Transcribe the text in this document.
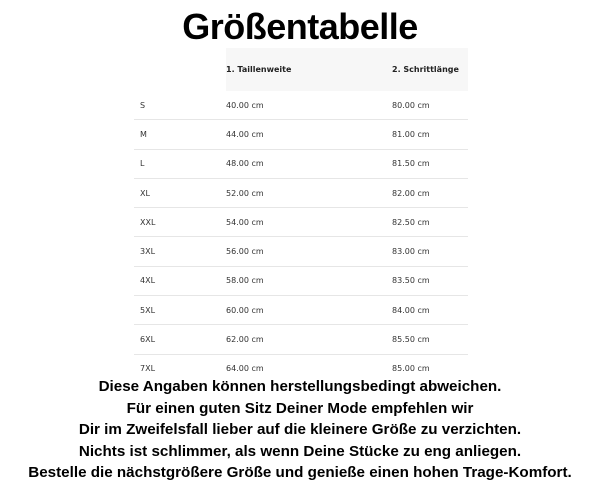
Größentabelle
	1. Taillenweite	2. Schrittlänge
S	40.00 cm	80.00 cm
M	44.00 cm	81.00 cm
L	48.00 cm	81.50 cm
XL	52.00 cm	82.00 cm
XXL	54.00 cm	82.50 cm
3XL	56.00 cm	83.00 cm
4XL	58.00 cm	83.50 cm
5XL	60.00 cm	84.00 cm
6XL	62.00 cm	85.50 cm
7XL	64.00 cm	85.00 cm
Diese Angaben können herstellungsbedingt abweichen.
Für einen guten Sitz Deiner Mode empfehlen wir
Dir im Zweifelsfall lieber auf die kleinere Größe zu verzichten.
Nichts ist schlimmer, als wenn Deine Stücke zu eng anliegen.
Bestelle die nächstgrößere Größe und genieße einen hohen Trage-Komfort.
